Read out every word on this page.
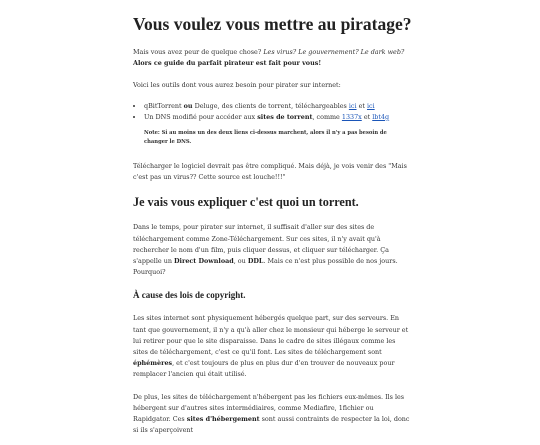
Vous voulez vous mettre au piratage?

Mais vous avez peur de quelque chose? Les virus? Le gouvernement? Le dark web?
Alors ce guide du parfait pirateur est fait pour vous!

Voici les outils dont vous aurez besoin pour pirater sur internet:

• qBitTorrent ou Deluge, des clients de torrent, téléchargeables ici et ici
• Un DNS modifié pour accéder aux sites de torrent, comme 1337x et lbt4g

Note: Si au moins un des deux liens ci-dessus marchent, alors il n'y a pas besoin de changer le DNS.

Télécharger le logiciel devrait pas être compliqué. Mais déjà, je vois venir des "Mais c'est pas un virus?? Cette source est louche!!!"

Je vais vous expliquer c'est quoi un torrent.

Dans le temps, pour pirater sur internet, il suffisait d'aller sur des sites de téléchargement comme Zone-Téléchargement. Sur ces sites, il n'y avait qu'à rechercher le nom d'un film, puis cliquer dessus, et cliquer sur télécharger. Ça s'appelle un Direct Download, ou DDL. Mais ce n'est plus possible de nos jours. Pourquoi?

À cause des lois de copyright.

Les sites internet sont physiquement hébergés quelque part, sur des serveurs. En tant que gouvernement, il n'y a qu'à aller chez le monsieur qui héberge le serveur et lui retirer pour que le site disparaisse. Dans le cadre de sites illégaux comme les sites de téléchargement, c'est ce qu'il font. Les sites de téléchargement sont éphémères, et c'est toujours de plus en plus dur d'en trouver de nouveaux pour remplacer l'ancien qui était utilisé.

De plus, les sites de téléchargement n'hébergent pas les fichiers eux-mêmes. Ils les hébergent sur d'autres sites intermédiaires, comme Mediafire, 1fichier ou Rapidgator. Ces sites d'hébergement sont aussi contraints de respecter la loi, donc si ils s'aperçoivent
